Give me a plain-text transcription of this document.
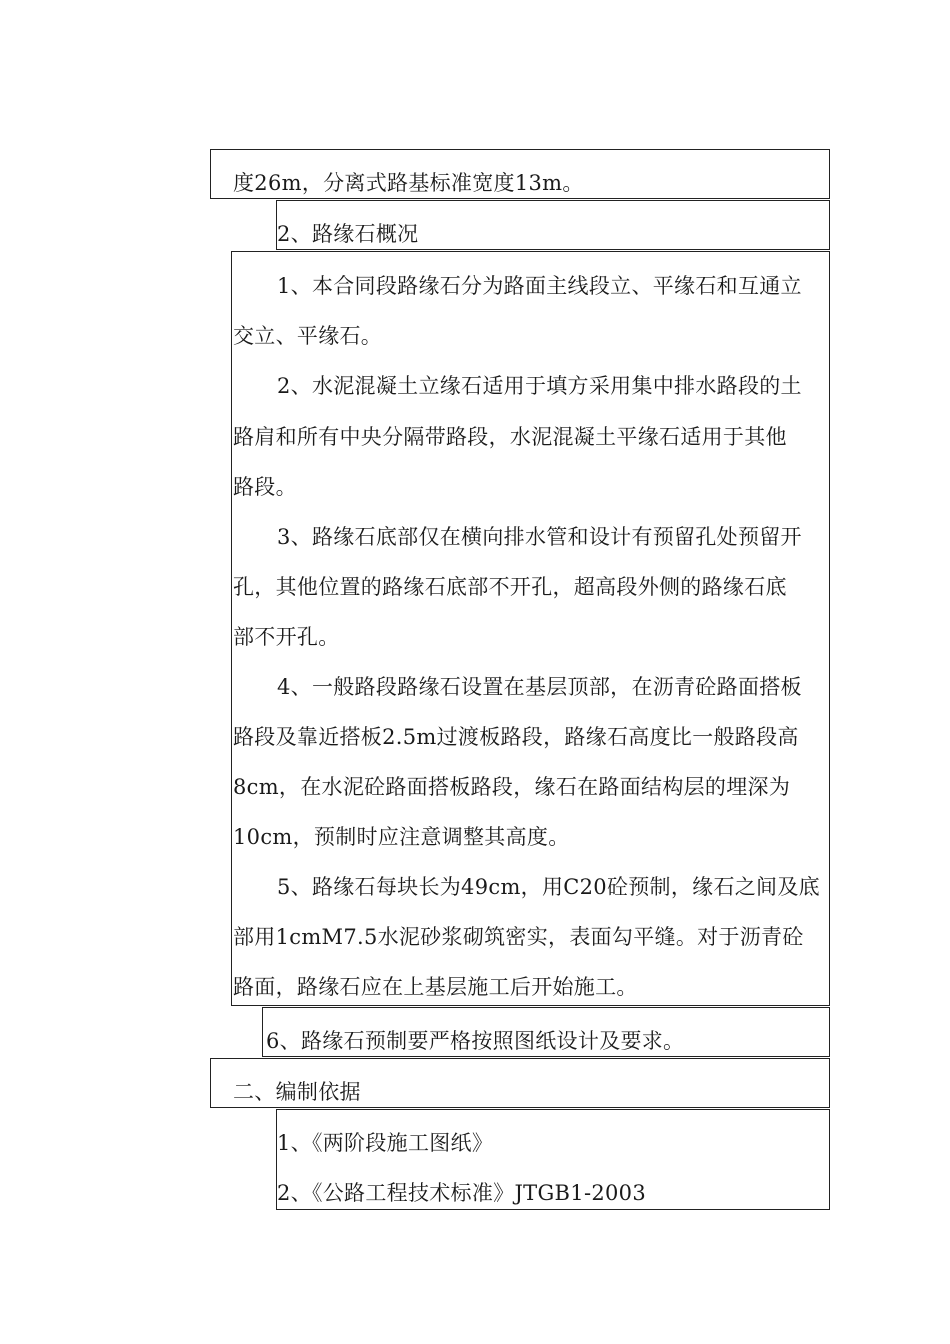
度26m，分离式路基标准宽度13m。
2、路缘石概况
1、本合同段路缘石分为路面主线段立、平缘石和互通立
交立、平缘石。
2、水泥混凝土立缘石适用于填方采用集中排水路段的土
路肩和所有中央分隔带路段，水泥混凝土平缘石适用于其他
路段。
3、路缘石底部仅在横向排水管和设计有预留孔处预留开
孔，其他位置的路缘石底部不开孔，超高段外侧的路缘石底
部不开孔。
4、一般路段路缘石设置在基层顶部，在沥青砼路面搭板
路段及靠近搭板2.5m过渡板路段，路缘石高度比一般路段高
8cm，在水泥砼路面搭板路段，缘石在路面结构层的埋深为
10cm，预制时应注意调整其高度。
5、路缘石每块长为49cm，用C20砼预制，缘石之间及底
部用1cmM7.5水泥砂浆砌筑密实，表面勾平缝。对于沥青砼
路面，路缘石应在上基层施工后开始施工。
6、路缘石预制要严格按照图纸设计及要求。
二、编制依据
1、《两阶段施工图纸》
2、《公路工程技术标准》JTGB1-2003
